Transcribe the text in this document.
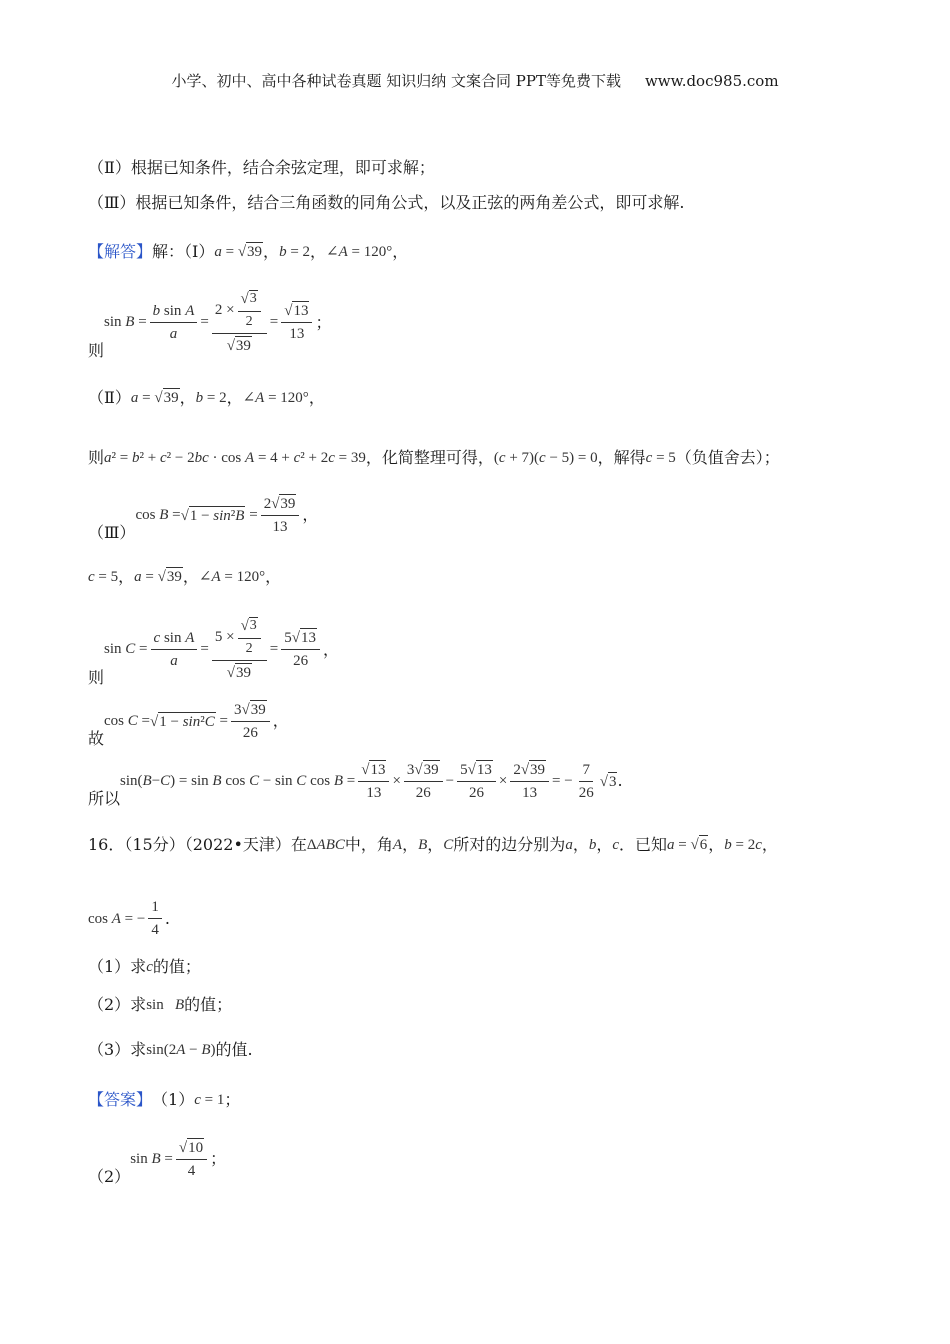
小学、初中、高中各种试卷真题 知识归纳 文案合同 PPT等免费下载 www.doc985.com
（Ⅱ）根据已知条件，结合余弦定理，即可求解；
（Ⅲ）根据已知条件，结合三角函数的同角公式，以及正弦的两角差公式，即可求解.
【解答】 解：（Ⅰ） a = √ 39 ， b = 2 ， ∠A = 120° ，
则
$\sin B = \frac{\text{b sin A}}{a} = \frac{2 \times \frac{√ 3}{2}}{√ 39} = \frac{√ 13}{13}$ ；
（Ⅱ） a = √ 39 ， b = 2 ， ∠A = 120° ，
则 a² = b² + c² − 2bc · cos A = 4 + c² + 2c = 39 ，化简整理可得， (c + 7)(c − 5) = 0 ，解得 c = 5 （负值舍去）；
（Ⅲ）
cos B = √ $1 - \sin^2B = \frac{2 √ 39}{13}$ ，
c = 5 ， a = √ 39 ， ∠A = 120° ，
则
$\sin C = \frac{\text{c sin A}}{a} = \frac{5 \times \frac{√ 3}{2}}{√ 39} = \frac{5 √ 13}{26}$ ，
故
cos C = √ $1 - \sin^2C = \frac{3 √ 39}{26}$ ，
所以
sin( B − C ) = sin B cos C − sin C $\cos B = \frac{√ 13}{13} \times \frac{3 √ 39}{26} - \frac{5 √ 13}{26} \times \frac{2 √ 39}{13}$ = − $\frac{7}{26}$ √ 3 .
16．（15分）（2022•天津）在 ΔABC 中，角 A ， B ， C 所对的边分别为 a ， b ， c ．已知 a = √ 6 ， b = 2c ，
cos A = − $\frac{1}{4}$ .
（1）求 c 的值；
（2）求 sin   B 的值；
（3）求 sin(2A − B) 的值.
【答案】 （1） c = 1 ；
（2）
$\sin B = \frac{√ 10}{4}$ ；
